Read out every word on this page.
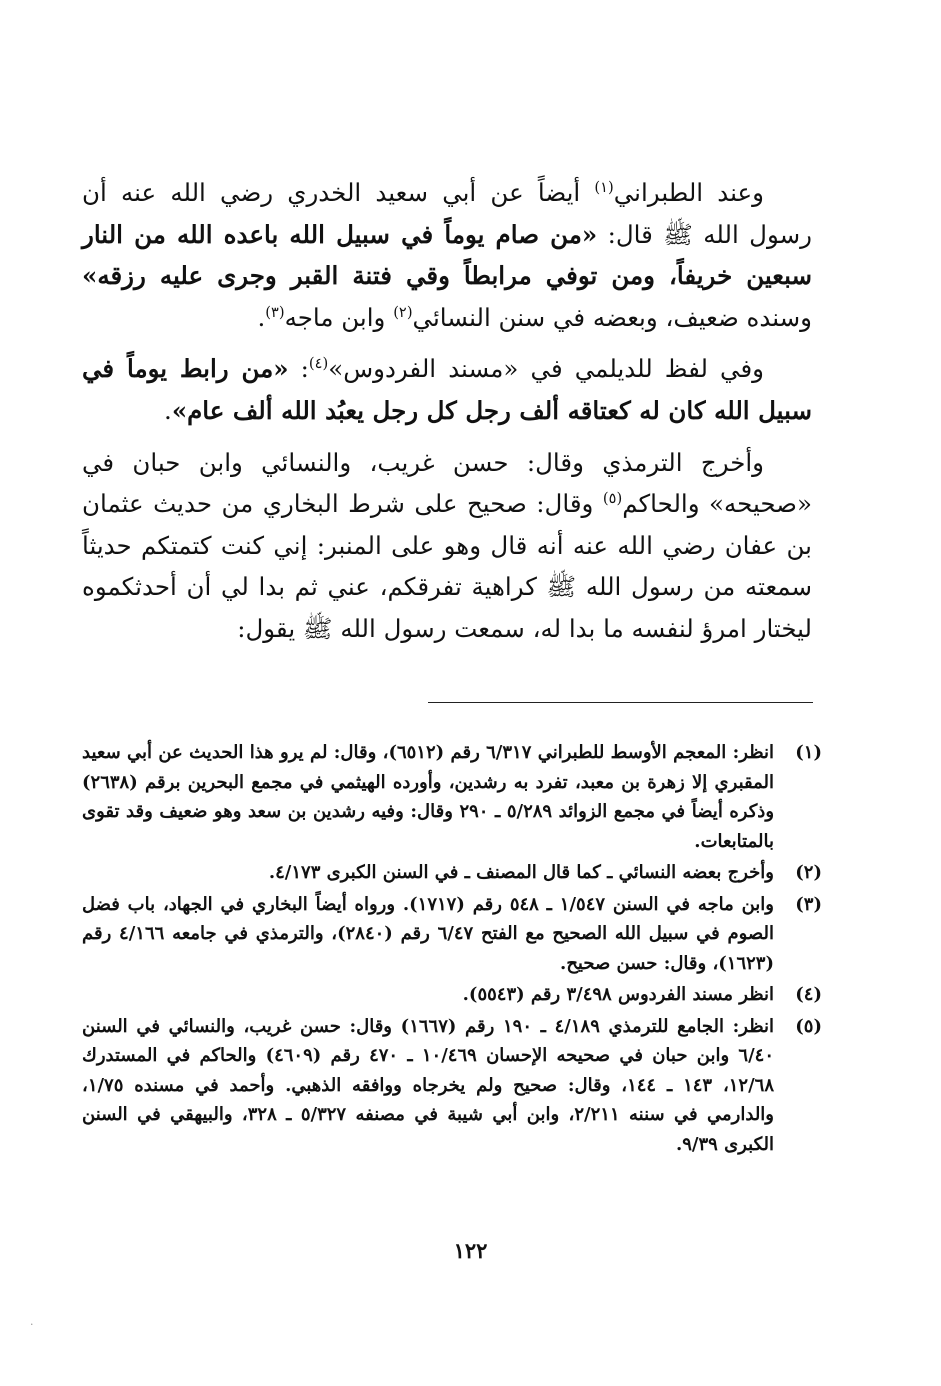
وعند الطبراني$^{(١)}$ أيضاً عن أبي سعيد الخدري رضي الله عنه أن رسول الله ﷺ قال: «من صام يوماً في سبيل الله باعده الله من النار سبعين خريفاً، ومن توفي مرابطاً وقي فتنة القبر وجرى عليه رزقه» وسنده ضعيف، وبعضه في سنن النسائي$^{(٢)}$ وابن ماجه$^{(٣)}$.

وفي لفظ للديلمي في «مسند الفردوس»$^{(٤)}$: «من رابط يوماً في سبيل الله كان له كعتاقه ألف رجل كل رجل يعبُد الله ألف عام».

وأخرج الترمذي وقال: حسن غريب، والنسائي وابن حبان في «صحيحه» والحاكم$^{(٥)}$ وقال: صحيح على شرط البخاري من حديث عثمان بن عفان رضي الله عنه أنه قال وهو على المنبر: إني كنت كتمتكم حديثاً سمعته من رسول الله ﷺ كراهية تفرقكم، عني ثم بدا لي أن أحدثكموه ليختار امرؤ لنفسه ما بدا له، سمعت رسول الله ﷺ يقول:

(١)
انظر: المعجم الأوسط للطبراني ٦/٣١٧ رقم (٦٥١٢)، وقال: لم يرو هذا الحديث عن أبي سعيد المقبري إلا زهرة بن معبد، تفرد به رشدين، وأورده الهيثمي في مجمع البحرين برقم (٢٦٣٨) وذكره أيضاً في مجمع الزوائد ٥/٢٨٩ ـ ٢٩٠ وقال: وفيه رشدين بن سعد وهو ضعيف وقد تقوى بالمتابعات.
(٢)
وأخرج بعضه النسائي ـ كما قال المصنف ـ في السنن الكبرى ٤/١٧٣.
(٣)
وابن ماجه في السنن ١/٥٤٧ ـ ٥٤٨ رقم (١٧١٧). ورواه أيضاً البخاري في الجهاد، باب فضل الصوم في سبيل الله الصحيح مع الفتح ٦/٤٧ رقم (٢٨٤٠)، والترمذي في جامعه ٤/١٦٦ رقم (١٦٢٣)، وقال: حسن صحيح.
(٤)
انظر مسند الفردوس ٣/٤٩٨ رقم (٥٥٤٣).
(٥)
انظر: الجامع للترمذي ٤/١٨٩ ـ ١٩٠ رقم (١٦٦٧) وقال: حسن غريب، والنسائي في السنن ٦/٤٠ وابن حبان في صحيحه الإحسان ١٠/٤٦٩ ـ ٤٧٠ رقم (٤٦٠٩) والحاكم في المستدرك ١٢/٦٨، ١٤٣ ـ ١٤٤، وقال: صحيح ولم يخرجاه ووافقه الذهبي. وأحمد في مسنده ١/٧٥، والدارمي في سننه ٢/٢١١، وابن أبي شيبة في مصنفه ٥/٣٢٧ ـ ٣٢٨، والبيهقي في السنن الكبرى ٩/٣٩.
١٢٢
·
